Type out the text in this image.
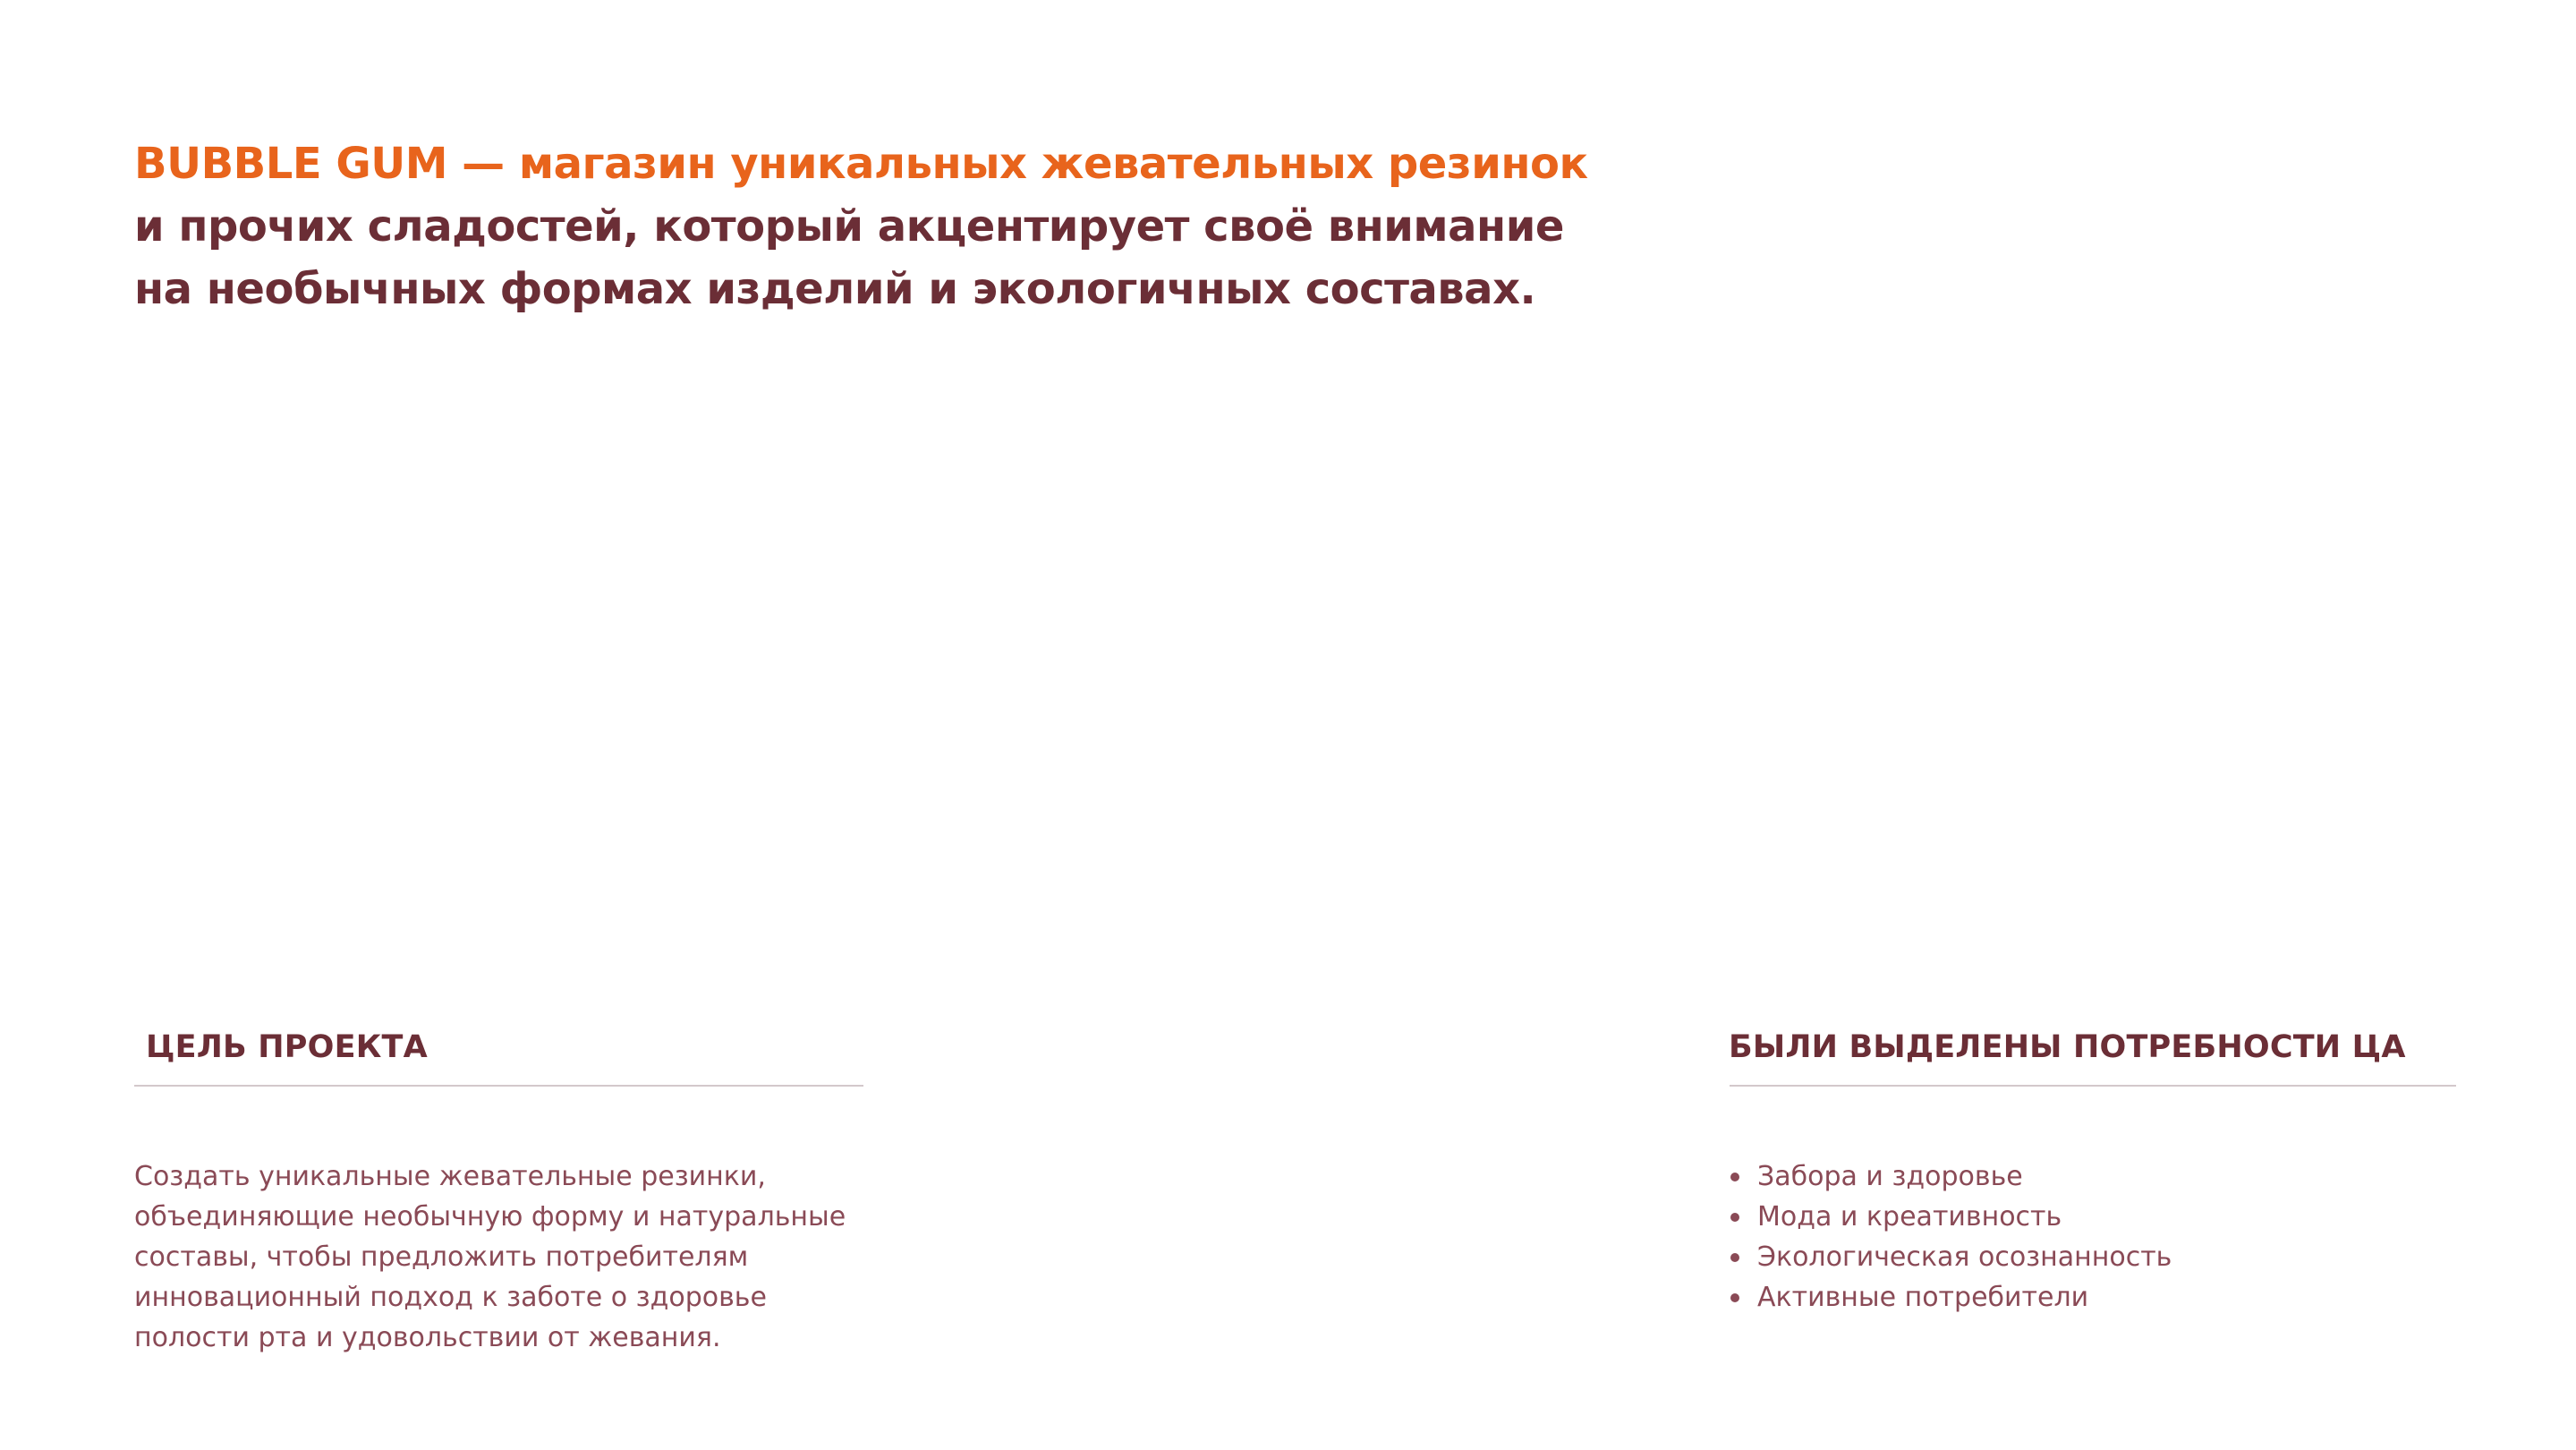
BUBBLE GUM — магазин уникальных жевательных резинок
и прочих сладостей, который акцентирует своё внимание
на необычных формах изделий и экологичных составах.
ЦЕЛЬ ПРОЕКТА

Создать уникальные жевательные резинки,
объединяющие необычную форму и натуральные
составы, чтобы предложить потребителям
инновационный подход к заботе о здоровье
полости рта и удовольствии от жевания.

БЫЛИ ВЫДЕЛЕНЫ ПОТРЕБНОСТИ ЦА
Забора и здоровье
Мода и креативность
Экологическая осознанность
Активные потребители
